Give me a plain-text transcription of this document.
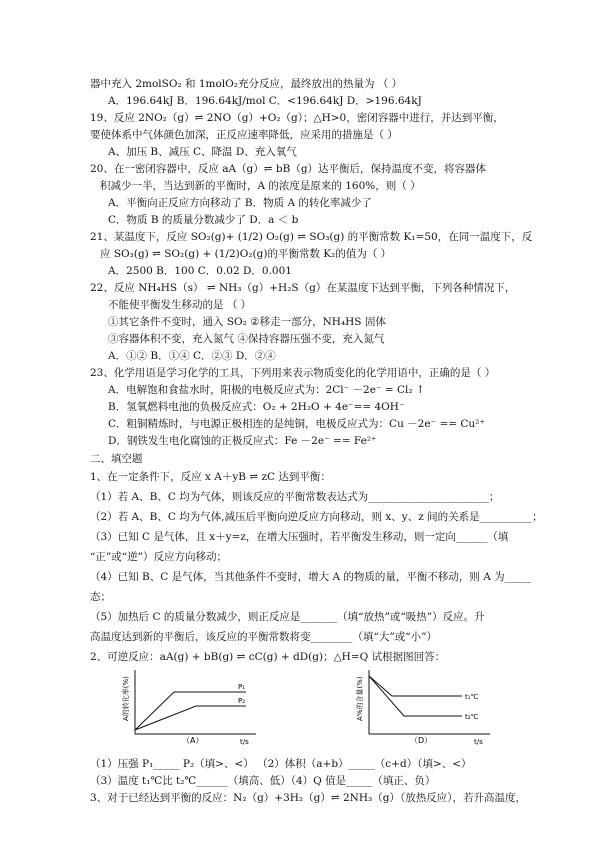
器中充入 2molSO₂ 和 1molO₂充分反应，最终放出的热量为 （ ）
A．196.64kJ B．196.64kJ/mol C．<196.64kJ D．>196.64kJ
19、反应 2NO₂（g）⇌ 2NO（g）+O₂（g）；△H>0，密闭容器中进行，并达到平衡，
要使体系中气体颜色加深，正反应速率降低，应采用的措施是（ ）
A、加压 B、减压 C、降温 D、充入氧气
20、在一密闭容器中，反应 aA（g）⇌ bB（g）达平衡后，保持温度不变，将容器体
积减少一半，当达到新的平衡时，A 的浓度是原来的 160%，则（ ）
A．平衡向正反应方向移动了 B．物质 A 的转化率减少了
C．物质 B 的质量分数减少了 D．a ＜ b
21、某温度下，反应 SO₂(g)+ (1/2) O₂(g) ⇌ SO₃(g) 的平衡常数 K₁=50，在同一温度下，反
应 SO₃(g) ⇌ SO₂(g) + (1/2)O₂(g)的平衡常数 K₂的值为（ ）
A．2500 B．100 C．0.02 D．0.001
22、反应 NH₄HS（s） ⇌ NH₃（g）+H₂S（g）在某温度下达到平衡，下列各种情况下，
不能使平衡发生移动的是 （ ）
①其它条件不变时，通入 SO₂ ②移走一部分，NH₄HS 固体
③容器体积不变，充入氮气 ④保持容器压强不变，充入氮气
A．①② B．①④ C．②③ D．②④
23、化学用语是学习化学的工具，下列用来表示物质变化的化学用语中，正确的是（ ）
A．电解饱和食盐水时，阳极的电极反应式为：2Cl⁻ －2e⁻ = Cl₂ ↑
B．氢氧燃料电池的负极反应式：O₂ + 2H₂O + 4e⁻== 4OH⁻
C．粗铜精炼时，与电源正极相连的是纯铜，电极反应式为：Cu －2e⁻ == Cu²⁺
D．钢铁发生电化腐蚀的正极反应式：Fe －2e⁻ == Fe²⁺
二、填空题
1、在一定条件下，反应 x A＋yB ⇌ zC 达到平衡：
（1）若 A、B、C 均为气体，则该反应的平衡常数表达式为_______________________；
（2）若 A、B、C 均为气体,减压后平衡向逆反应方向移动，则 x、y、z 间的关系是__________；
（3）已知 C 是气体，且 x＋y=z，在增大压强时，若平衡发生移动，则一定向______（填
“正”或“逆”）反应方向移动；
（4）已知 B、C 是气体，当其他条件不变时，增大 A 的物质的量，平衡不移动，则 A 为_____
态；
（5）加热后 C 的质量分数减少，则正反应是_______（填“放热”或“吸热”）反应。升
高温度达到新的平衡后，该反应的平衡常数将变________（填“大”或“小”）
2、可逆反应：aA(g) + bB(g) ⇌ cC(g) + dD(g)；△H=Q 试根据图回答：
A的转化率(%)	P₁
P₂
（A）	t/s
A%的含量(%)	t₁℃
t₂℃
（D）	t/s
（1）压强 P₁_____ P₂（填>、<） （2）体积（a+b）_____（c+d）（填>、<）
（3）温度 t₁℃比 t₂℃______（填高、低）（4）Q 值是_____（填正、负）
3、对于已经达到平衡的反应：N₂（g）+3H₂（g）⇌ 2NH₃（g）（放热反应），若升高温度，
